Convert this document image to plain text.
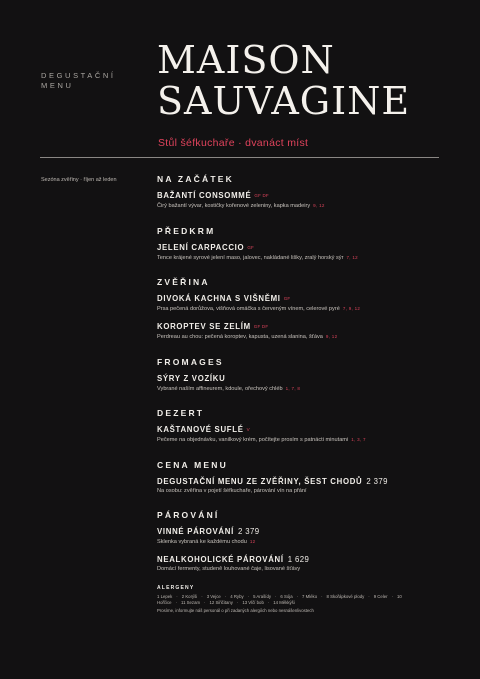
DEGUSTAČNÍ
MENU
MAISON
SAUVAGINE
Stůl šéfkuchaře · dvanáct míst
Sezóna zvěřiny · říjen až leden	NA ZAČÁTEK
BAŽANTÍ CONSOMMÉ GF DF
Čirý bažantí vývar, kostičky kořenové zeleniny, kapka madeiry 9, 12
PŘEDKRM
JELENÍ CARPACCIO GF
Tence krájené syrové jelení maso, jalovec, nakládané lišky, zralý horský sýr 7, 12
ZVĚŘINA
DIVOKÁ KACHNA S VIŠNĚMI GF
Prsa pečená dorůžova, višňová omáčka s červeným vínem, celerové pyré 7, 9, 12
KOROPTEV SE ZELÍM GF DF
Perdreau au chou: pečená koroptev, kapusta, uzená slanina, šťáva 9, 12
FROMAGES
SÝRY Z VOZÍKU
Vybrané naším affineurem, kdoule, ořechový chléb 1, 7, 8
DEZERT
KAŠTANOVÉ SUFLÉ V
Pečeme na objednávku, vanilkový krém, počítejte prosím s patnácti minutami 1, 3, 7
CENA MENU
DEGUSTAČNÍ MENU ZE ZVĚŘINY, ŠEST CHODŮ 2 379
Na osobu: zvěřina v pojetí šéfkuchaře, párování vín na přání
PÁROVÁNÍ
VINNÉ PÁROVÁNÍ 2 379
Sklenka vybraná ke každému chodu 12
NEALKOHOLICKÉ PÁROVÁNÍ 1 629
Domácí fermenty, studeně louhované čaje, lisované šťávy
ALERGENY
1 Lepek · 2 Korýši · 3 Vejce · 4 Ryby · 5 Arašídy · 6 Sója · 7 Mléko · 8 Skořápkové plody · 9 Celer · 10 Hořčice · 11 Sezam · 12 Siřičitany · 13 Vlčí bob · 14 Měkkýši
Prosíme, informujte náš personál o při zadaných alergiích nebo nesnášenlivostech
